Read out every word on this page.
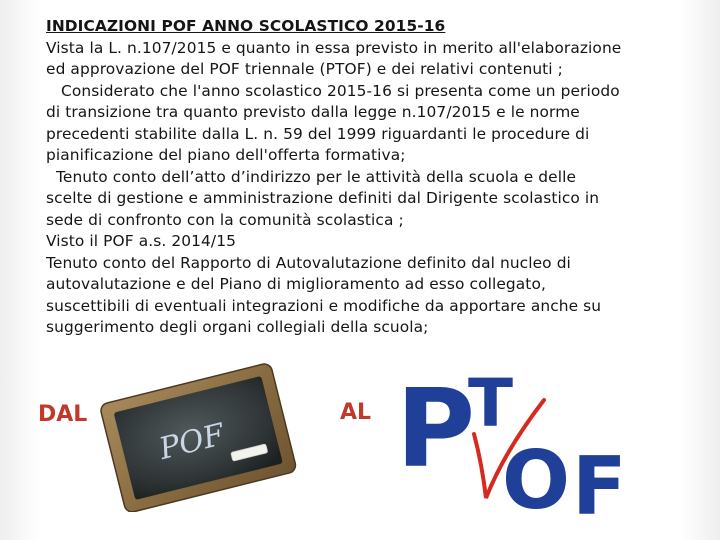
INDICAZIONI POF ANNO SCOLASTICO 2015-16
Vista la L. n.107/2015 e quanto in essa previsto in merito all'elaborazione
ed approvazione del POF triennale (PTOF) e dei relativi contenuti ;
Considerato che l'anno scolastico 2015-16 si presenta come un periodo
di transizione tra quanto previsto dalla legge n.107/2015 e le norme
precedenti stabilite dalla L. n. 59 del 1999 riguardanti le procedure di
pianificazione del piano dell'offerta formativa;
Tenuto conto dell’atto d’indirizzo per le attività della scuola e delle
scelte di gestione e amministrazione definiti dal Dirigente scolastico in
sede di confronto con la comunità scolastica ;
Visto il POF a.s. 2014/15
Tenuto conto del Rapporto di Autovalutazione definito dal nucleo di
autovalutazione e del Piano di miglioramento ad esso collegato,
suscettibili di eventuali integrazioni e modifiche da apportare anche su
suggerimento degli organi collegiali della scuola;
DAL
POF
AL P
T
O F
